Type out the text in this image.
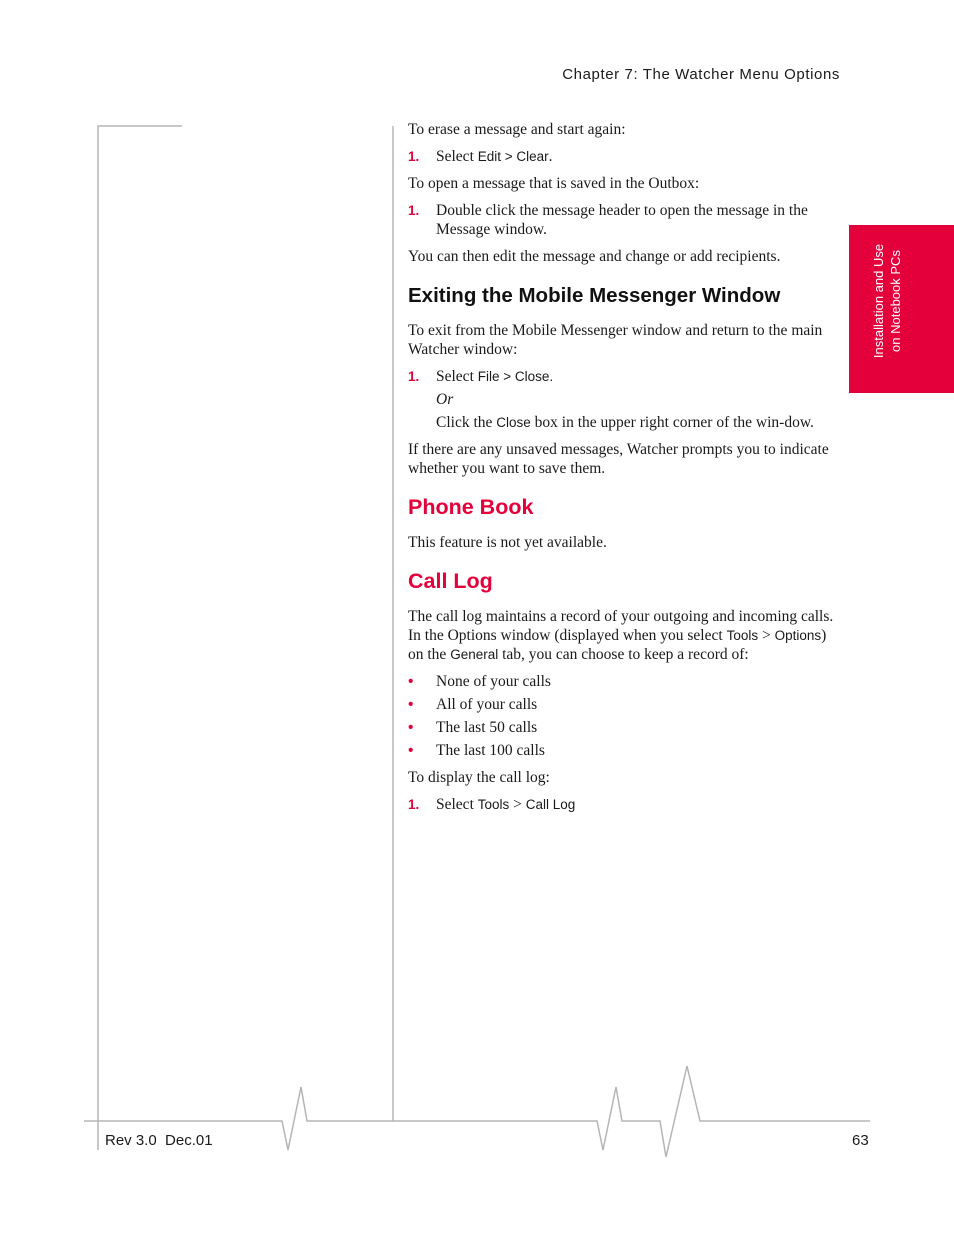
Chapter 7: The Watcher Menu Options
Installation and Use on Notebook PCs

To erase a message and start again:

1. Select Edit > Clear.

To open a message that is saved in the Outbox:

1. Double click the message header to open the message in the Message window.

You can then edit the message and change or add recipients.

Exiting the Mobile Messenger Window

To exit from the Mobile Messenger window and return to the main Watcher window:

1. Select File > Close.
Or
Click the Close box in the upper right corner of the win-dow.

If there are any unsaved messages, Watcher prompts you to indicate whether you want to save them.

Phone Book

This feature is not yet available.

Call Log

The call log maintains a record of your outgoing and incoming calls. In the Options window (displayed when you select Tools > Options) on the General tab, you can choose to keep a record of:

• None of your calls
• All of your calls
• The last 50 calls
• The last 100 calls

To display the call log:

1. Select Tools > Call Log
Rev 3.0  Dec.01	63
